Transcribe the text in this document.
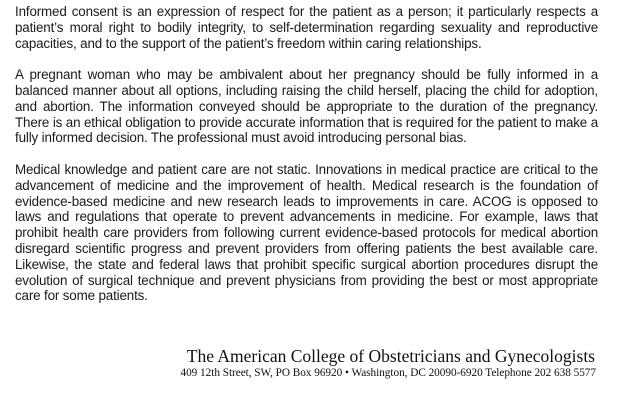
Informed consent is an expression of respect for the patient as a person; it particularly respects a patient’s moral right to bodily integrity, to self-determination regarding sexuality and reproductive capacities, and to the support of the patient’s freedom within caring relationships.

A pregnant woman who may be ambivalent about her pregnancy should be fully informed in a balanced manner about all options, including raising the child herself, placing the child for adoption, and abortion. The information conveyed should be appropriate to the duration of the pregnancy. There is an ethical obligation to provide accurate information that is required for the patient to make a fully informed decision. The professional must avoid introducing personal bias.

Medical knowledge and patient care are not static. Innovations in medical practice are critical to the advancement of medicine and the improvement of health. Medical research is the foundation of evidence-based medicine and new research leads to improvements in care. ACOG is opposed to laws and regulations that operate to prevent advancements in medicine. For example, laws that prohibit health care providers from following current evidence-based protocols for medical abortion disregard scientific progress and prevent providers from offering patients the best available care. Likewise, the state and federal laws that prohibit specific surgical abortion procedures disrupt the evolution of surgical technique and prevent physicians from providing the best or most appropriate care for some patients.

The American College of Obstetricians and Gynecologists
409 12th Street, SW, PO Box 96920 • Washington, DC 20090-6920 Telephone 202 638 5577
